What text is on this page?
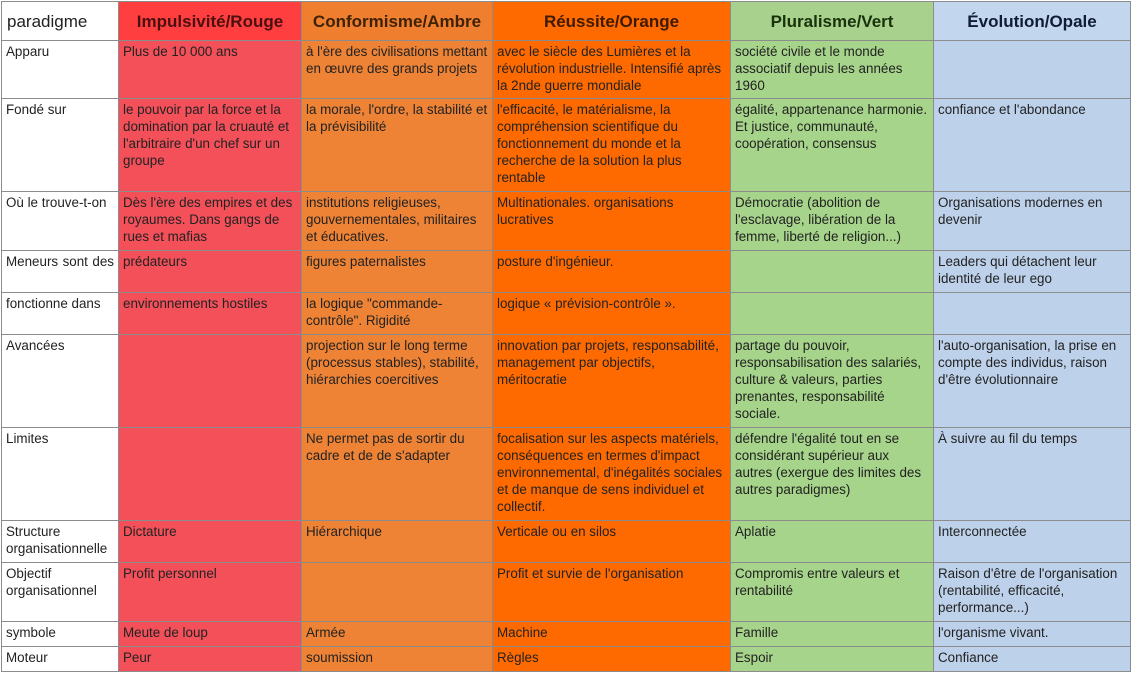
paradigme	Impulsivité/Rouge	Conformisme/Ambre	Réussite/Orange	Pluralisme/Vert	Évolution/Opale
Apparu	Plus de 10 000 ans	à l'ère des civilisations mettant en œuvre des grands projets	avec le siècle des Lumières et la révolution industrielle. Intensifié après la 2nde guerre mondiale	société civile et le monde associatif depuis les années 1960	
Fondé sur	le pouvoir par la force et la domination par la cruauté et l'arbitraire d'un chef sur un groupe	la morale, l'ordre, la stabilité et la prévisibilité	l'efficacité, le matérialisme, la compréhension scientifique du fonctionnement du monde et la recherche de la solution la plus rentable	égalité, appartenance harmonie. Et justice, communauté, coopération, consensus	confiance et l'abondance
Où le trouve-t-on	Dès l'ère des empires et des royaumes. Dans gangs de rues et mafias	institutions religieuses, gouvernementales, militaires et éducatives.	Multinationales. organisations lucratives	Démocratie (abolition de l'esclavage, libération de la femme, liberté de religion...)	Organisations modernes en devenir
Meneurs sont des	prédateurs	figures paternalistes	posture d'ingénieur.		Leaders qui détachent leur identité de leur ego
fonctionne dans	environnements hostiles	la logique "commande-contrôle". Rigidité	logique « prévision-contrôle ».		
Avancées		projection sur le long terme (processus stables), stabilité, hiérarchies coercitives	innovation par projets, responsabilité, management par objectifs, méritocratie	partage du pouvoir, responsabilisation des salariés, culture & valeurs, parties prenantes, responsabilité sociale.	l'auto-organisation, la prise en compte des individus, raison d'être évolutionnaire
Limites		Ne permet pas de sortir du cadre et de de s'adapter	focalisation sur les aspects matériels, conséquences en termes d'impact environnemental, d'inégalités sociales et de manque de sens individuel et collectif.	défendre l'égalité tout en se considérant supérieur aux autres (exergue des limites des autres paradigmes)	À suivre au fil du temps
Structure organisationnelle	Dictature	Hiérarchique	Verticale ou en silos	Aplatie	Interconnectée
Objectif organisationnel	Profit personnel		Profit et survie de l'organisation	Compromis entre valeurs et rentabilité	Raison d'être de l'organisation (rentabilité, efficacité, performance...)
symbole	Meute de loup	Armée	Machine	Famille	l'organisme vivant.
Moteur	Peur	soumission	Règles	Espoir	Confiance
